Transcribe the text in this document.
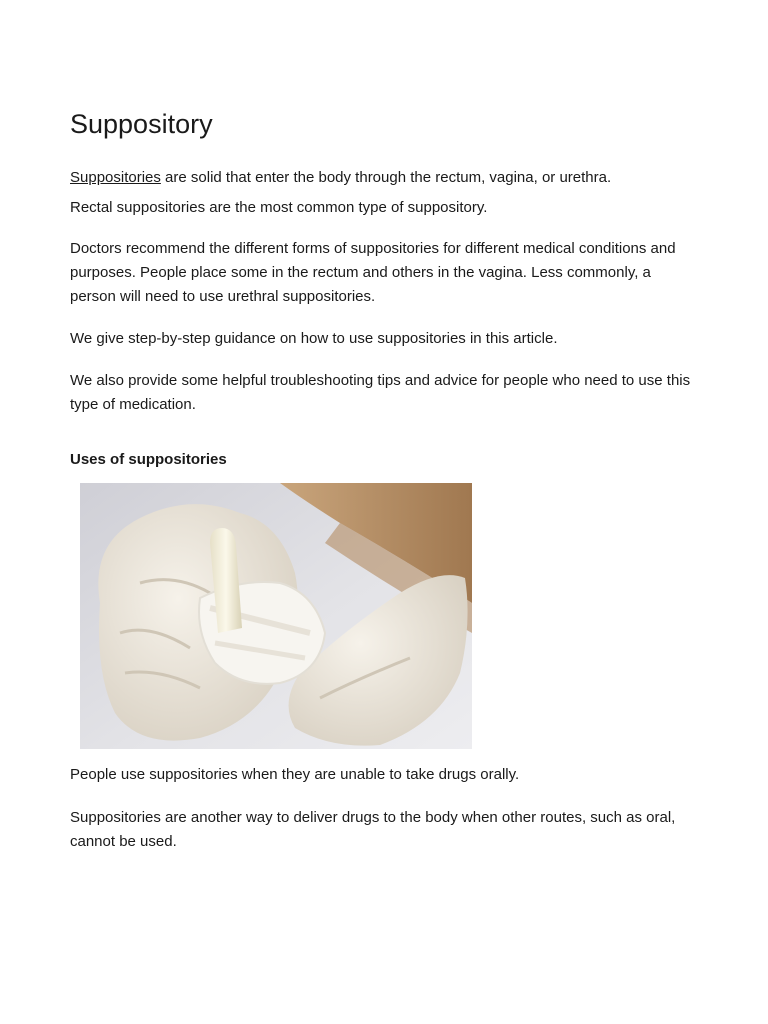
Suppository

Suppositories are solid that enter the body through the rectum, vagina, or urethra.

Rectal suppositories are the most common type of suppository.

Doctors recommend the different forms of suppositories for different medical conditions and purposes. People place some in the rectum and others in the vagina. Less commonly, a person will need to use urethral suppositories.

We give step-by-step guidance on how to use suppositories in this article.

We also provide some helpful troubleshooting tips and advice for people who need to use this type of medication.

Uses of suppositories

People use suppositories when they are unable to take drugs orally.

Suppositories are another way to deliver drugs to the body when other routes, such as oral, cannot be used.
